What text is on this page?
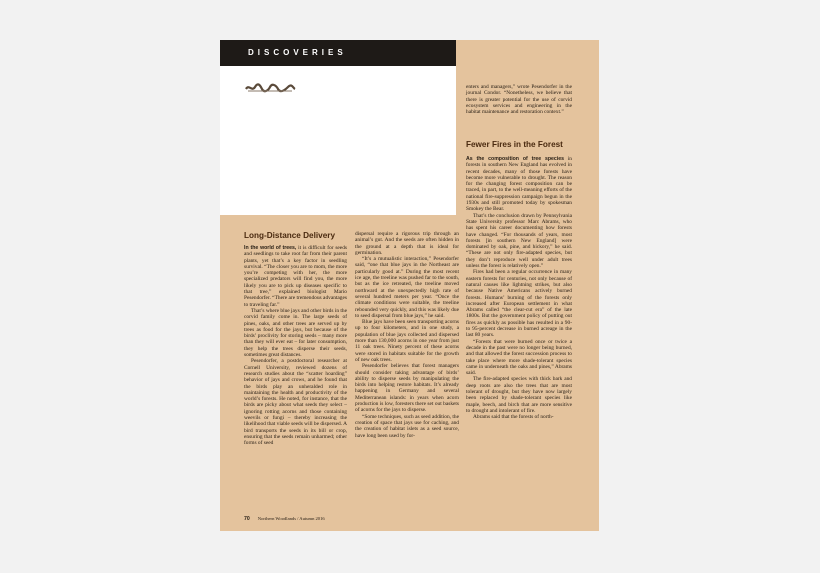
DISCOVERIES

enters and managers,” wrote Pesendorfer in the journal Condor. “Nonetheless, we believe that there is greater potential for the use of corvid ecosystem services and engineering in the habitat maintenance and restoration context.”

Fewer Fires in the Forest
Long-Distance Delivery

In the world of trees, it is difficult for seeds and seedlings to take root far from their parent plants, yet that’s a key factor in seedling survival. “The closer you are to mom, the more you’re competing with her, the more specialized predators will find you, the more likely you are to pick up diseases specific to that tree,” explained biologist Mario Pesendorfer. “There are tremendous advantages to traveling far.”

That’s where blue jays and other birds in the corvid family come in. The large seeds of pines, oaks, and other trees are served up by trees as food for the jays, but because of the birds’ proclivity for storing seeds – many more than they will ever eat – for later consumption, they help the trees disperse their seeds, sometimes great distances.

Pesendorfer, a postdoctoral researcher at Cornell University, reviewed dozens of research studies about the “scatter hoarding” behavior of jays and crows, and he found that the birds play an unheralded role in maintaining the health and productivity of the world’s forests. He noted, for instance, that the birds are picky about what seeds they select – ignoring rotting acorns and those containing weevils or fungi – thereby increasing the likelihood that viable seeds will be dispersed. A bird transports the seeds in its bill or crop, ensuring that the seeds remain unharmed; other forms of seed

dispersal require a rigorous trip through an animal’s gut. And the seeds are often hidden in the ground at a depth that is ideal for germination.

“It’s a mutualistic interaction,” Pesendorfer said, “one that blue jays in the Northeast are particularly good at.” During the most recent ice age, the treeline was pushed far to the south, but as the ice retreated, the treeline moved northward at the unexpectedly high rate of several hundred meters per year. “Once the climate conditions were suitable, the treeline rebounded very quickly, and this was likely due to seed dispersal from blue jays,” he said.

Blue jays have been seen transporting acorns up to four kilometers, and in one study, a population of blue jays collected and dispersed more than 130,000 acorns in one year from just 11 oak trees. Ninety percent of these acorns were stored in habitats suitable for the growth of new oak trees.

Pesendorfer believes that forest managers should consider taking advantage of birds’ ability to disperse seeds by manipulating the birds into helping restore habitats. It’s already happening in Germany and several Mediterranean islands: in years when acorn production is low, foresters there set out baskets of acorns for the jays to disperse.

“Some techniques, such as seed addition, the creation of space that jays use for caching, and the creation of habitat islets as a seed source, have long been used by for-

As the composition of tree species in forests in southern New England has evolved in recent decades, many of those forests have become more vulnerable to drought. The reason for the changing forest composition can be traced, in part, to the well-meaning efforts of the national fire-suppression campaign begun in the 1930s and still promoted today by spokesman Smokey the Bear.

That’s the conclusion drawn by Pennsylvania State University professor Marc Abrams, who has spent his career documenting how forests have changed. “For thousands of years, most forests [in southern New England] were dominated by oak, pine, and hickory,” he said. “These are not only fire-adapted species, but they don’t reproduce well under adult trees unless the forest is relatively open.”

Fires had been a regular occurrence in many eastern forests for centuries, not only because of natural causes like lightning strikes, but also because Native Americans actively burned forests. Humans’ burning of the forests only increased after European settlement in what Abrams called “the clear-cut era” of the late 1800s. But the government policy of putting out fires as quickly as possible has resulted in a 90- to 95-percent decrease in burned acreage in the last 80 years.

“Forests that were burned once or twice a decade in the past were no longer being burned, and that allowed the forest succession process to take place where more shade-tolerant species came in underneath the oaks and pines,” Abrams said.

The fire-adapted species with thick bark and deep roots are also the trees that are most tolerant of drought, but they have now largely been replaced by shade-tolerant species like maple, beech, and birch that are more sensitive to drought and intolerant of fire.

Abrams said that the forests of north-

70 Northern Woodlands / Autumn 2016
